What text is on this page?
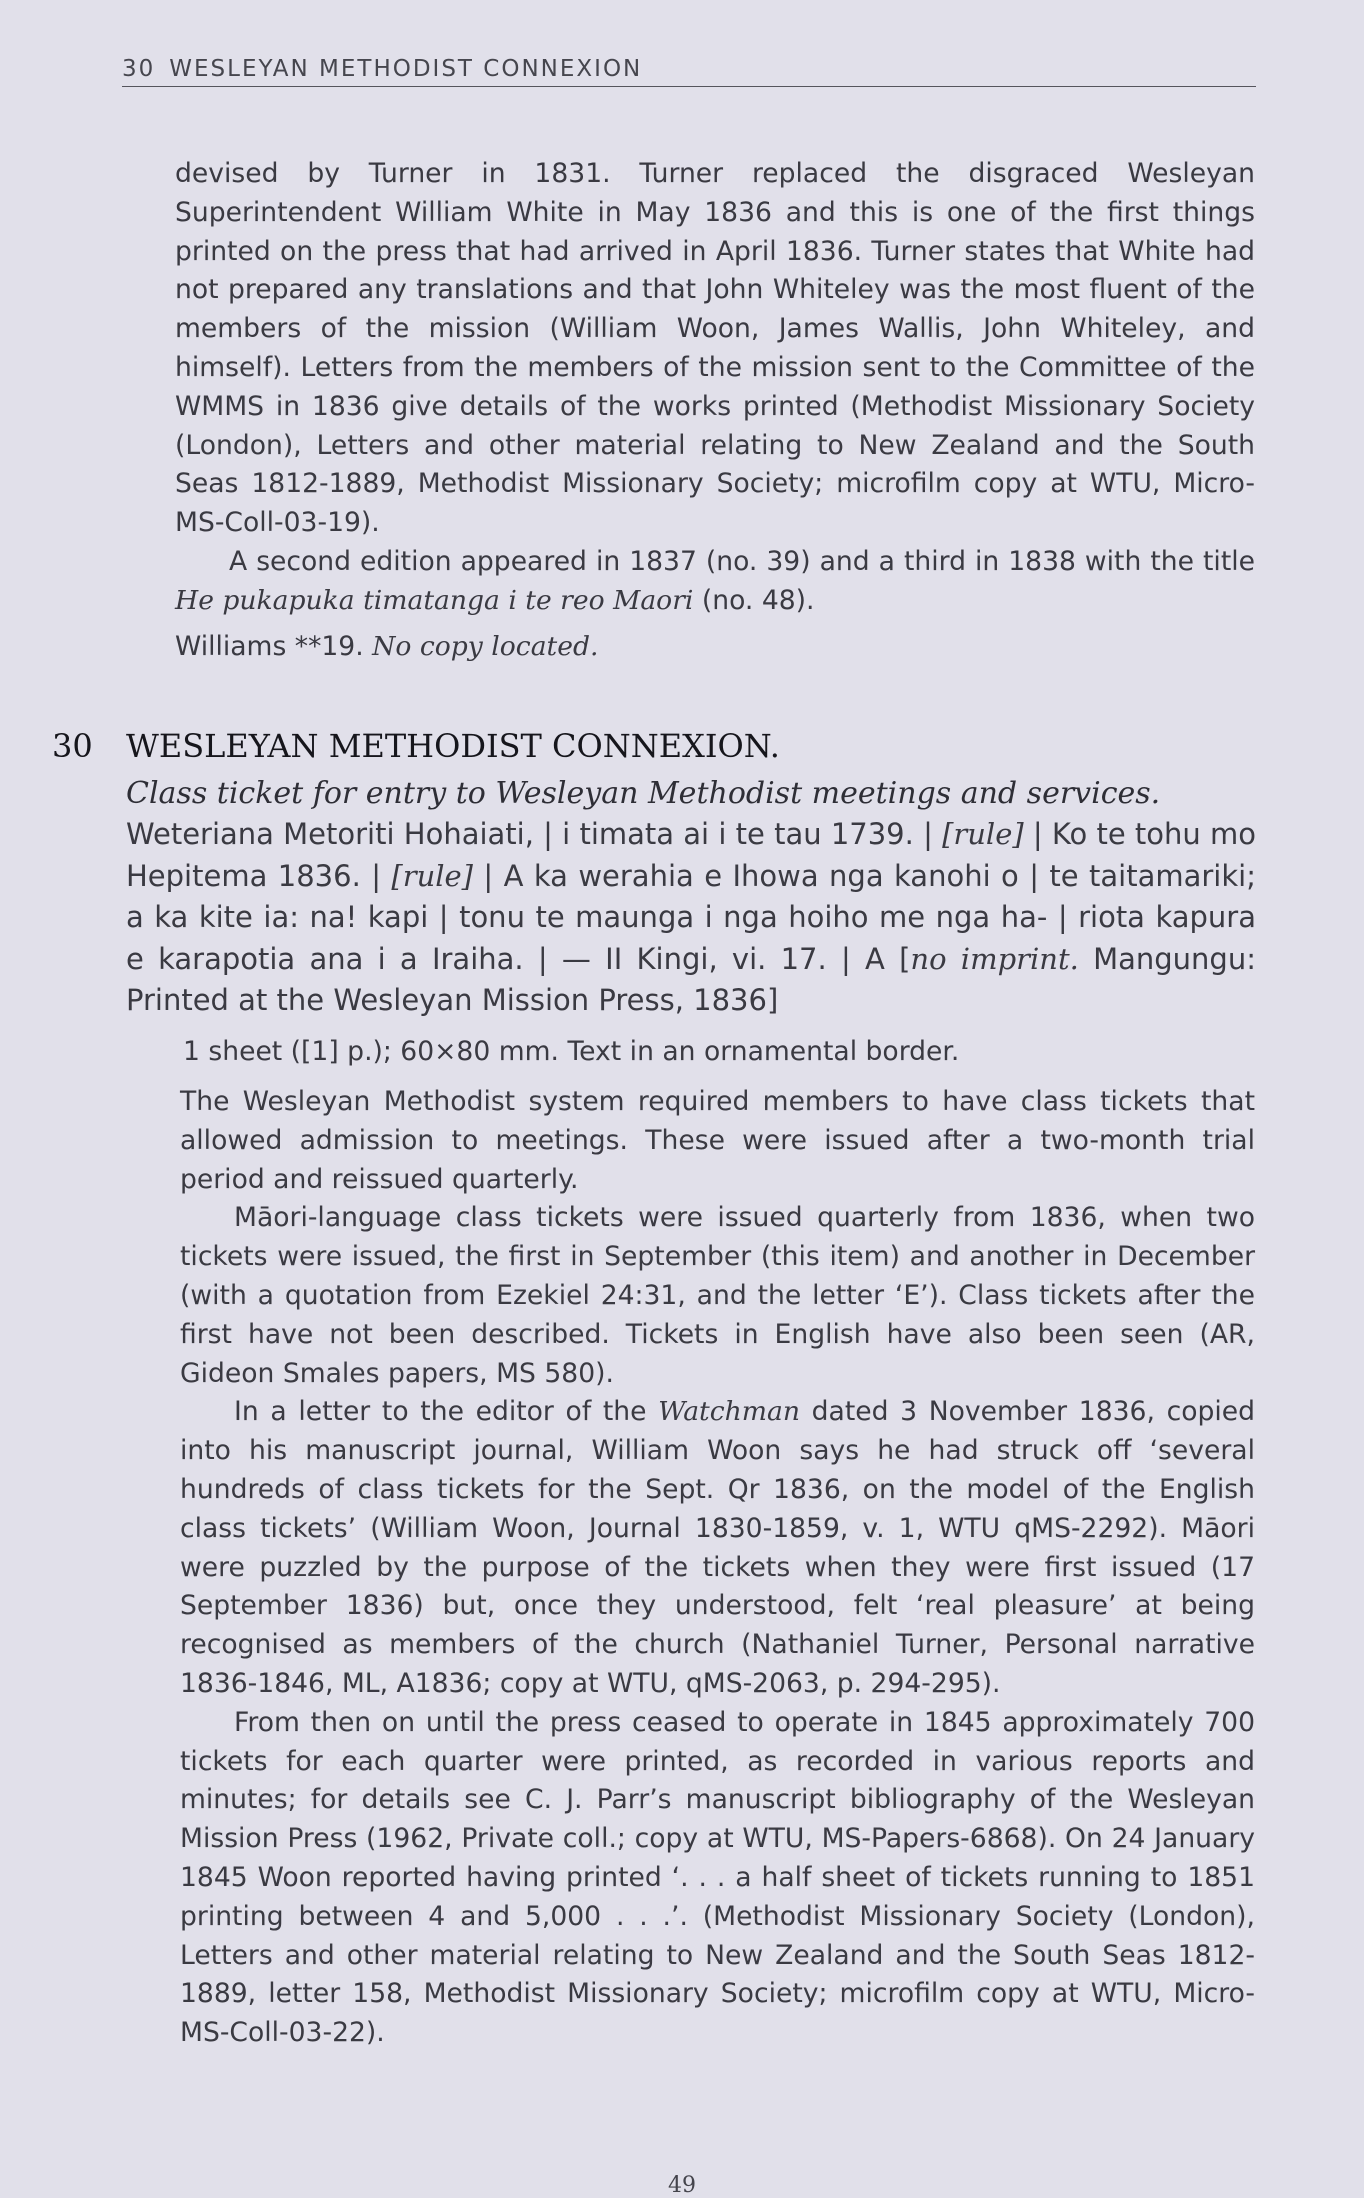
30 WESLEYAN METHODIST CONNEXION

devised by Turner in 1831. Turner replaced the disgraced Wesleyan Superintendent William White in May 1836 and this is one of the first things printed on the press that had arrived in April 1836. Turner states that White had not prepared any translations and that John Whiteley was the most fluent of the members of the mission (William Woon, James Wallis, John Whiteley, and himself). Letters from the members of the mission sent to the Committee of the WMMS in 1836 give details of the works printed (Methodist Missionary Society (London), Letters and other material relating to New Zealand and the South Seas 1812-1889, Methodist Missionary Society; microfilm copy at WTU, Micro-MS-Coll-03-19).

A second edition appeared in 1837 (no. 39) and a third in 1838 with the title He pukapuka timatanga i te reo Maori (no. 48).

Williams **19. No copy located.

30 WESLEYAN METHODIST CONNEXION.

Class ticket for entry to Wesleyan Methodist meetings and services.

Weteriana Metoriti Hohaiati, | i timata ai i te tau 1739. | [rule] | Ko te tohu mo Hepitema 1836. | [rule] | A ka werahia e Ihowa nga kanohi o | te taitamariki; a ka kite ia: na! kapi | tonu te maunga i nga hoiho me nga ha- | riota kapura e karapotia ana i a Iraiha. | — II Kingi, vi. 17. | A [no imprint. Mangungu: Printed at the Wesleyan Mission Press, 1836]

1 sheet ([1] p.); 60×80 mm. Text in an ornamental border.

The Wesleyan Methodist system required members to have class tickets that allowed admission to meetings. These were issued after a two-month trial period and reissued quarterly.

Māori-language class tickets were issued quarterly from 1836, when two tickets were issued, the first in September (this item) and another in December (with a quotation from Ezekiel 24:31, and the letter ‘E’). Class tickets after the first have not been described. Tickets in English have also been seen (AR, Gideon Smales papers, MS 580).

In a letter to the editor of the Watchman dated 3 November 1836, copied into his manuscript journal, William Woon says he had struck off ‘several hundreds of class tickets for the Sept. Qr 1836, on the model of the English class tickets’ (William Woon, Journal 1830-1859, v. 1, WTU qMS-2292). Māori were puzzled by the purpose of the tickets when they were first issued (17 September 1836) but, once they understood, felt ‘real pleasure’ at being recognised as members of the church (Nathaniel Turner, Personal narrative 1836-1846, ML, A1836; copy at WTU, qMS-2063, p. 294-295).

From then on until the press ceased to operate in 1845 approximately 700 tickets for each quarter were printed, as recorded in various reports and minutes; for details see C. J. Parr’s manuscript bibliography of the Wesleyan Mission Press (1962, Private coll.; copy at WTU, MS-Papers-6868). On 24 January 1845 Woon reported having printed ‘. . . a half sheet of tickets running to 1851 printing between 4 and 5,000 . . .’. (Methodist Missionary Society (London), Letters and other material relating to New Zealand and the South Seas 1812-1889, letter 158, Methodist Missionary Society; microfilm copy at WTU, Micro-MS-Coll-03-22).

49
